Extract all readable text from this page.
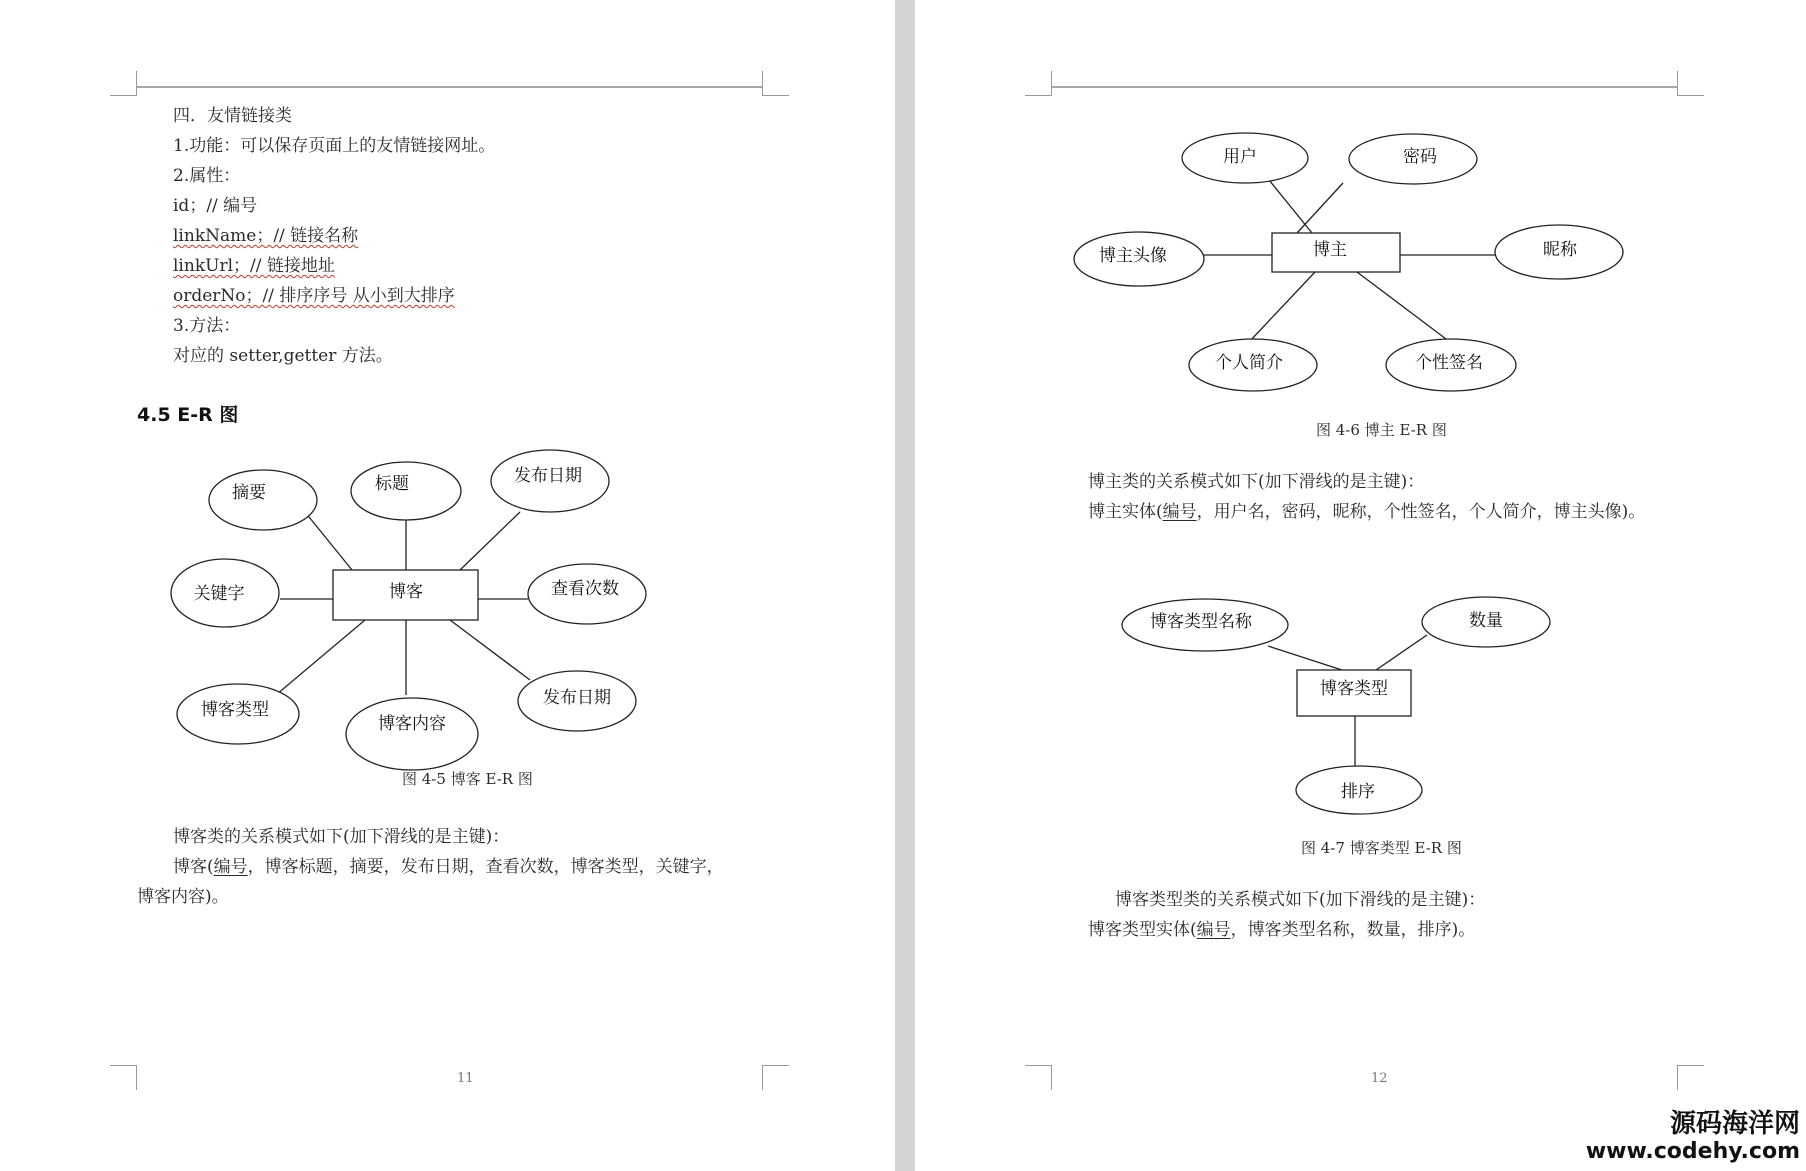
四．友情链接类
1.功能：可以保存页面上的友情链接网址。
2.属性：
id；// 编号
linkName；// 链接名称
linkUrl；// 链接地址
orderNo；// 排序序号 从小到大排序
3.方法：
对应的 setter,getter 方法。
4.5 E-R 图
博客
摘要	标题	发布日期
查看次数
发布日期
博客内容
博客类型
关键字
图 4-5 博客 E-R 图
博客类的关系模式如下(加下滑线的是主键)：
博客(编号，博客标题，摘要，发布日期，查看次数，博客类型，关键字，
博客内容)。
11
博主
用户	密码
昵称
个性签名
个人简介
博主头像
博客类型
博客类型名称	数量
排序
图 4-6 博主 E-R 图
博主类的关系模式如下(加下滑线的是主键)：
博主实体(编号，用户名，密码，昵称，个性签名，个人简介，博主头像)。
图 4-7 博客类型 E-R 图
博客类型类的关系模式如下(加下滑线的是主键)：
博客类型实体(编号，博客类型名称，数量，排序)。
12
源码海洋网
www.codehy.com
